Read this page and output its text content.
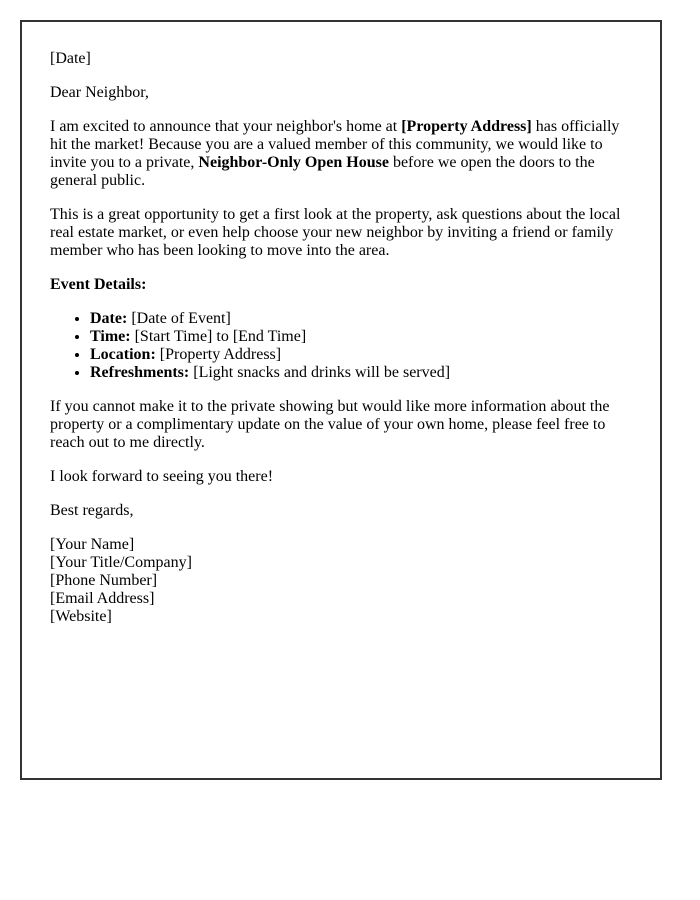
[Date]

Dear Neighbor,

I am excited to announce that your neighbor's home at [Property Address] has officially hit the market! Because you are a valued member of this community, we would like to invite you to a private, Neighbor-Only Open House before we open the doors to the general public.

This is a great opportunity to get a first look at the property, ask questions about the local real estate market, or even help choose your new neighbor by inviting a friend or family member who has been looking to move into the area.

Event Details:

• Date: [Date of Event]
• Time: [Start Time] to [End Time]
• Location: [Property Address]
• Refreshments: [Light snacks and drinks will be served]

If you cannot make it to the private showing but would like more information about the property or a complimentary update on the value of your own home, please feel free to reach out to me directly.

I look forward to seeing you there!

Best regards,

[Your Name]
[Your Title/Company]
[Phone Number]
[Email Address]
[Website]
